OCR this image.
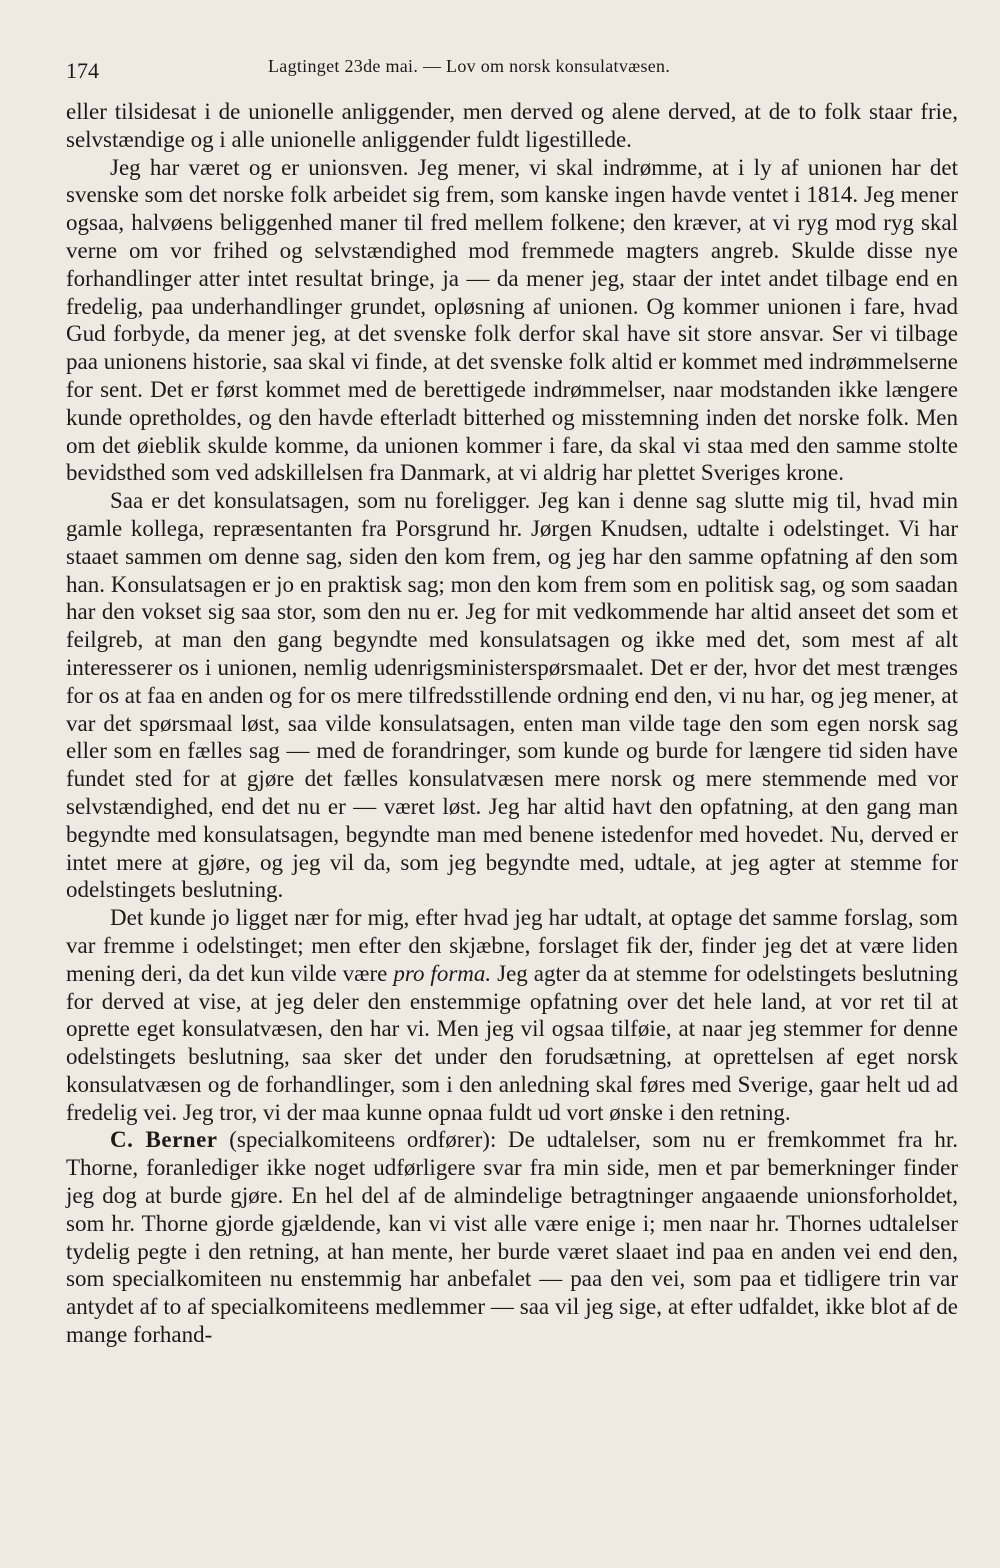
174	Lagtinget 23de mai. — Lov om norsk konsulatvæsen.

eller tilsidesat i de unionelle anliggender, men derved og alene derved, at de to folk staar frie, selvstændige og i alle unionelle anliggender fuldt ligestillede.

Jeg har været og er unionsven. Jeg mener, vi skal indrømme, at i ly af unionen har det svenske som det norske folk arbeidet sig frem, som kanske ingen havde ventet i 1814. Jeg mener ogsaa, halvøens beliggenhed maner til fred mellem folkene; den kræver, at vi ryg mod ryg skal verne om vor frihed og selvstændighed mod fremmede magters angreb. Skulde disse nye forhandlinger atter intet resultat bringe, ja — da mener jeg, staar der intet andet tilbage end en fredelig, paa underhandlinger grundet, opløsning af unionen. Og kommer unionen i fare, hvad Gud forbyde, da mener jeg, at det svenske folk derfor skal have sit store ansvar. Ser vi tilbage paa unionens historie, saa skal vi finde, at det svenske folk altid er kommet med indrømmelserne for sent. Det er først kommet med de berettigede indrømmelser, naar modstanden ikke længere kunde opretholdes, og den havde efterladt bitterhed og misstemning inden det norske folk. Men om det øieblik skulde komme, da unionen kommer i fare, da skal vi staa med den samme stolte bevidsthed som ved adskillelsen fra Danmark, at vi aldrig har plettet Sveriges krone.

Saa er det konsulatsagen, som nu foreligger. Jeg kan i denne sag slutte mig til, hvad min gamle kollega, repræsentanten fra Porsgrund hr. Jørgen Knudsen, udtalte i odelstinget. Vi har staaet sammen om denne sag, siden den kom frem, og jeg har den samme opfatning af den som han. Konsulatsagen er jo en praktisk sag; mon den kom frem som en politisk sag, og som saadan har den vokset sig saa stor, som den nu er. Jeg for mit vedkommende har altid anseet det som et feilgreb, at man den gang begyndte med konsulatsagen og ikke med det, som mest af alt interesserer os i unionen, nemlig udenrigsministerspørsmaalet. Det er der, hvor det mest trænges for os at faa en anden og for os mere tilfredsstillende ordning end den, vi nu har, og jeg mener, at var det spørsmaal løst, saa vilde konsulatsagen, enten man vilde tage den som egen norsk sag eller som en fælles sag — med de forandringer, som kunde og burde for længere tid siden have fundet sted for at gjøre det fælles konsulatvæsen mere norsk og mere stemmende med vor selvstændighed, end det nu er — været løst. Jeg har altid havt den opfatning, at den gang man begyndte med konsulatsagen, begyndte man med benene istedenfor med hovedet. Nu, derved er intet mere at gjøre, og jeg vil da, som jeg begyndte med, udtale, at jeg agter at stemme for odelstingets beslutning.

Det kunde jo ligget nær for mig, efter hvad jeg har udtalt, at optage det samme forslag, som var fremme i odelstinget; men efter den skjæbne, forslaget fik der, finder jeg det at være liden mening deri, da det kun vilde være pro forma. Jeg agter da at stemme for odelstingets beslutning for derved at vise, at jeg deler den enstemmige opfatning over det hele land, at vor ret til at oprette eget konsulatvæsen, den har vi. Men jeg vil ogsaa tilføie, at naar jeg stemmer for denne odelstingets beslutning, saa sker det under den forudsætning, at oprettelsen af eget norsk konsulatvæsen og de forhandlinger, som i den anledning skal føres med Sverige, gaar helt ud ad fredelig vei. Jeg tror, vi der maa kunne opnaa fuldt ud vort ønske i den retning.

C. Berner (specialkomiteens ordfører): De udtalelser, som nu er fremkommet fra hr. Thorne, foranlediger ikke noget udførligere svar fra min side, men et par bemerkninger finder jeg dog at burde gjøre. En hel del af de almindelige betragtninger angaaende unionsforholdet, som hr. Thorne gjorde gjældende, kan vi vist alle være enige i; men naar hr. Thornes udtalelser tydelig pegte i den retning, at han mente, her burde været slaaet ind paa en anden vei end den, som specialkomiteen nu enstemmig har anbefalet — paa den vei, som paa et tidligere trin var antydet af to af specialkomiteens medlemmer — saa vil jeg sige, at efter udfaldet, ikke blot af de mange forhand-
